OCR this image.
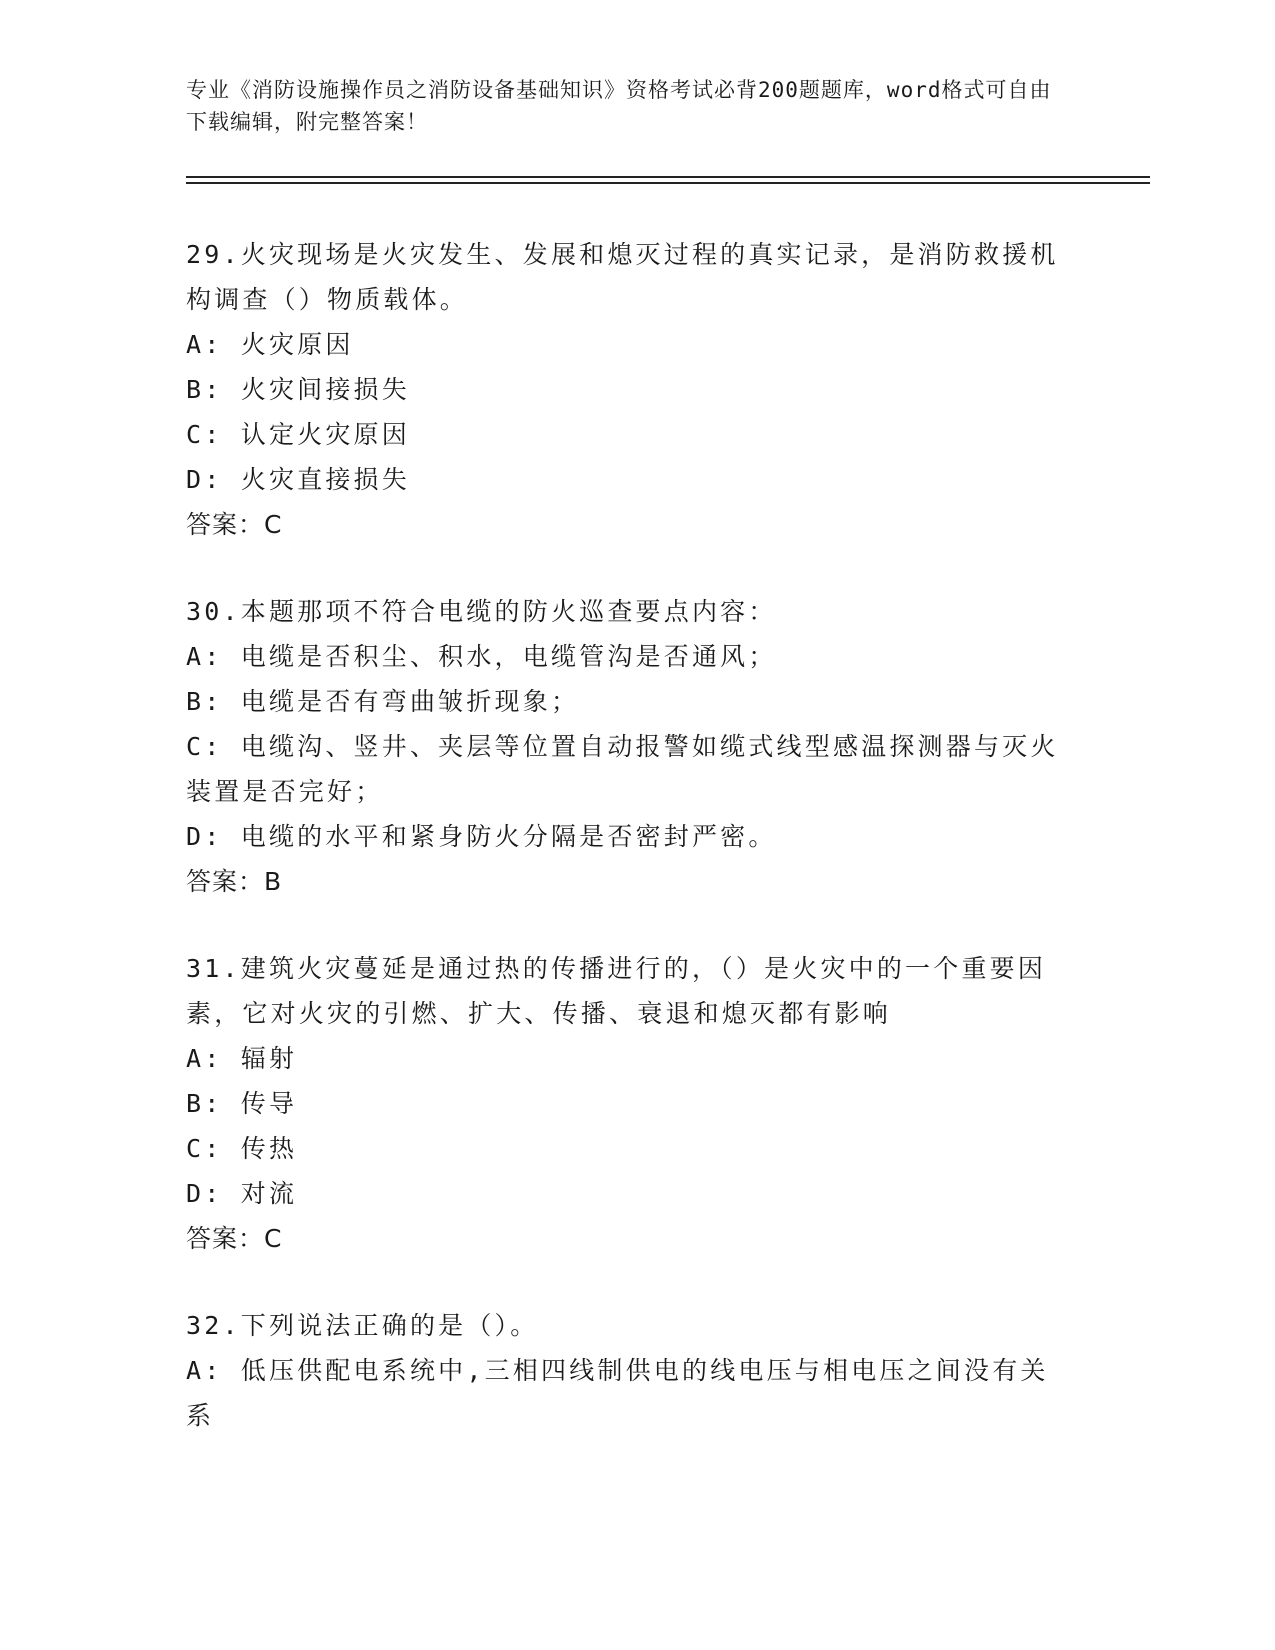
专业《消防设施操作员之消防设备基础知识》资格考试必背200题题库，word格式可自由下载编辑，附完整答案！

29.火灾现场是火灾发生、发展和熄灭过程的真实记录，是消防救援机构调查（）物质载体。

A: 火灾原因

B: 火灾间接损失

C: 认定火灾原因

D: 火灾直接损失

答案：C

30.本题那项不符合电缆的防火巡查要点内容：

A: 电缆是否积尘、积水，电缆管沟是否通风；

B: 电缆是否有弯曲皱折现象；

C: 电缆沟、竖井、夹层等位置自动报警如缆式线型感温探测器与灭火装置是否完好；

D: 电缆的水平和紧身防火分隔是否密封严密。

答案：B

31.建筑火灾蔓延是通过热的传播进行的，（）是火灾中的一个重要因素，它对火灾的引燃、扩大、传播、衰退和熄灭都有影响

A: 辐射

B: 传导

C: 传热

D: 对流

答案：C

32.下列说法正确的是（）。

A: 低压供配电系统中,三相四线制供电的线电压与相电压之间没有关系
